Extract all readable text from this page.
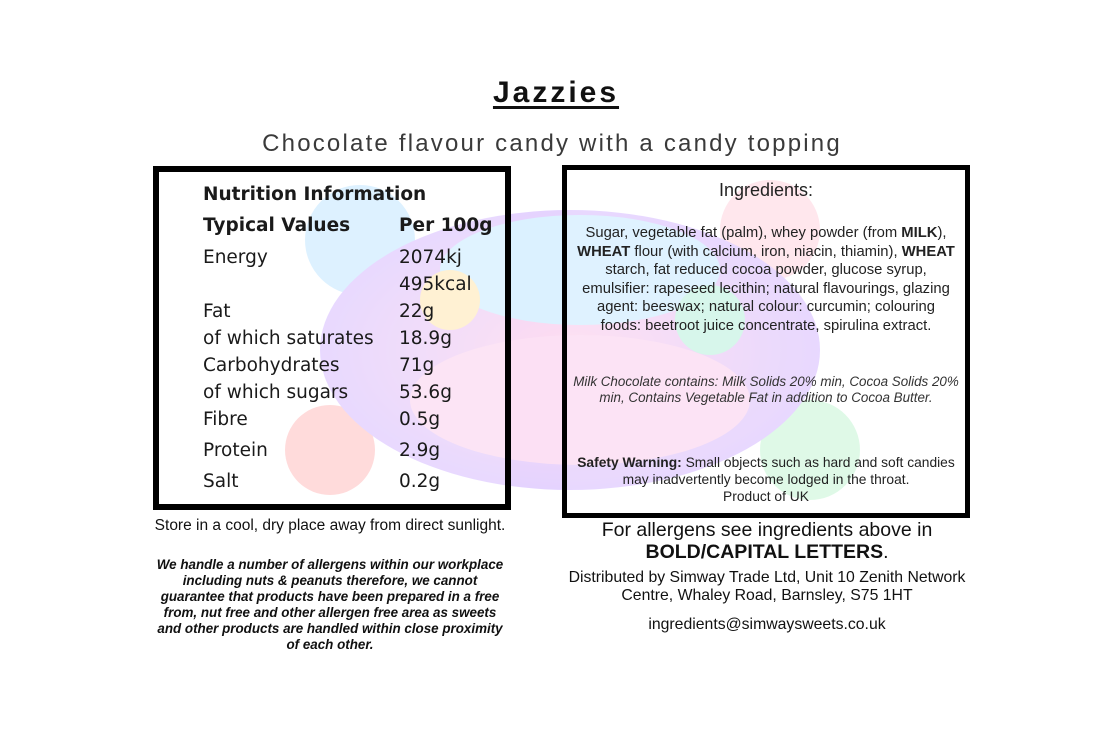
Jazzies
Chocolate flavour candy with a candy topping
Nutrition Information
Typical Values	Per 100g
Energy	2074kj
495kcal
Fat	22g
of which saturates 18.9g
Carbohydrates	71g
of which sugars	53.6g
Fibre	0.5g
Protein	2.9g
Salt	0.2g
Ingredients:
Sugar, vegetable fat (palm), whey powder (from MILK), WHEAT flour (with calcium, iron, niacin, thiamin), WHEAT starch, fat reduced cocoa powder, glucose syrup, emulsifier: rapeseed lecithin; natural flavourings, glazing agent: beeswax; natural colour: curcumin; colouring foods: beetroot juice concentrate, spirulina extract.
Milk Chocolate contains: Milk Solids 20% min, Cocoa Solids 20% min, Contains Vegetable Fat in addition to Cocoa Butter.
Safety Warning: Small objects such as hard and soft candies may inadvertently become lodged in the throat.
Product of UK
Store in a cool, dry place away from direct sunlight.
We handle a number of allergens within our workplace including nuts & peanuts therefore, we cannot guarantee that products have been prepared in a free from, nut free and other allergen free area as sweets and other products are handled within close proximity of each other.
For allergens see ingredients above in
BOLD/CAPITAL LETTERS.
Distributed by Simway Trade Ltd, Unit 10 Zenith Network Centre, Whaley Road, Barnsley, S75 1HT
ingredients@simwaysweets.co.uk
